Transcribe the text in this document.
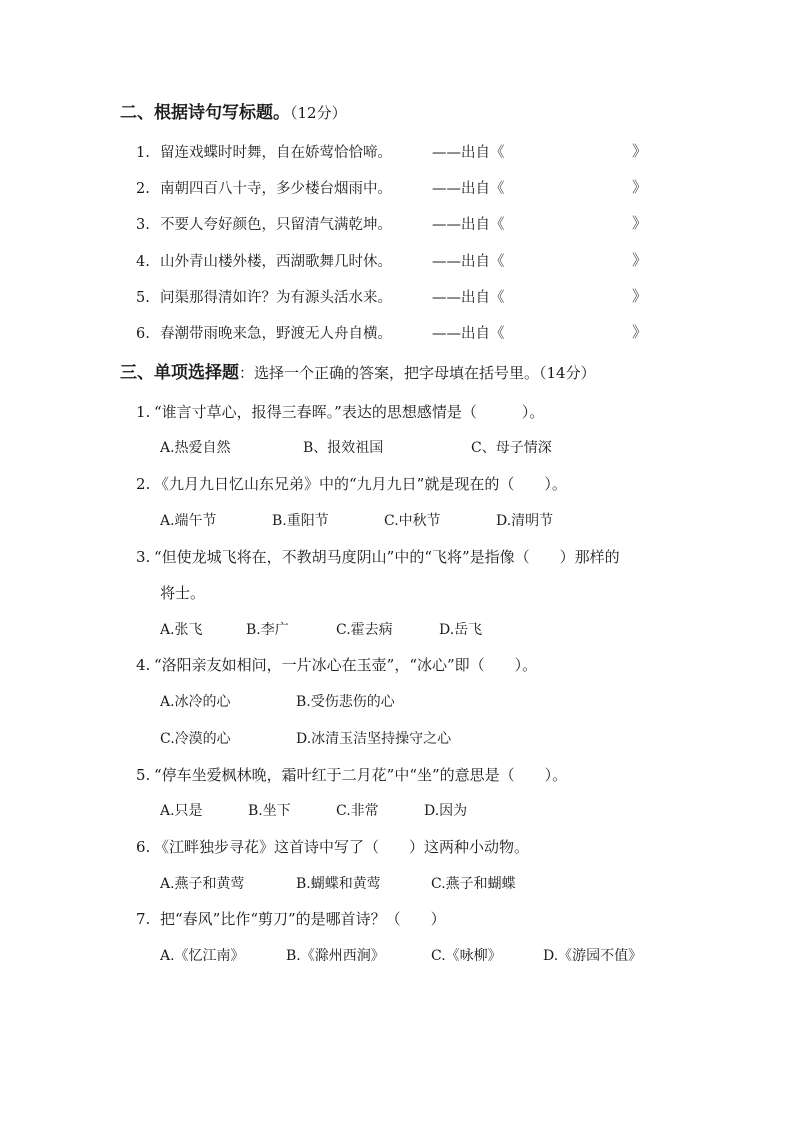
二、根据诗句写标题。（12分）
1. 留连戏蝶时时舞，自在娇莺恰恰啼。	——出自《	》
2. 南朝四百八十寺，多少楼台烟雨中。	——出自《	》
3. 不要人夸好颜色，只留清气满乾坤。	——出自《	》
4. 山外青山楼外楼，西湖歌舞几时休。	——出自《	》
5. 问渠那得清如许？为有源头活水来。	——出自《	》
6. 春潮带雨晚来急，野渡无人舟自横。	——出自《	》
三、单项选择题：选择一个正确的答案，把字母填在括号里。（14分）
1. “谁言寸草心，报得三春晖。”表达的思想感情是（　　　）。
A.热爱自然	B、报效祖国	C、母子情深
2. 《九月九日忆山东兄弟》中的“九月九日”就是现在的（　　）。
A.端午节	B.重阳节	C.中秋节	D.清明节
3. “但使龙城飞将在，不教胡马度阴山”中的“飞将”是指像（　　）那样的
将士。
A.张飞	B.李广	C.霍去病	D.岳飞
4. “洛阳亲友如相问，一片冰心在玉壶”，“冰心”即（　　）。
A.冰冷的心	B.受伤悲伤的心
C.冷漠的心	D.冰清玉洁坚持操守之心
5. “停车坐爱枫林晚，霜叶红于二月花”中“坐”的意思是（　　）。
A.只是	B.坐下	C.非常	D.因为
6. 《江畔独步寻花》这首诗中写了（　　）这两种小动物。
A.燕子和黄莺	B.蝴蝶和黄莺	C.燕子和蝴蝶
7. 把“春风”比作“剪刀”的是哪首诗？（　　）
A.《忆江南》	B.《滁州西涧》	C.《咏柳》	D.《游园不值》
